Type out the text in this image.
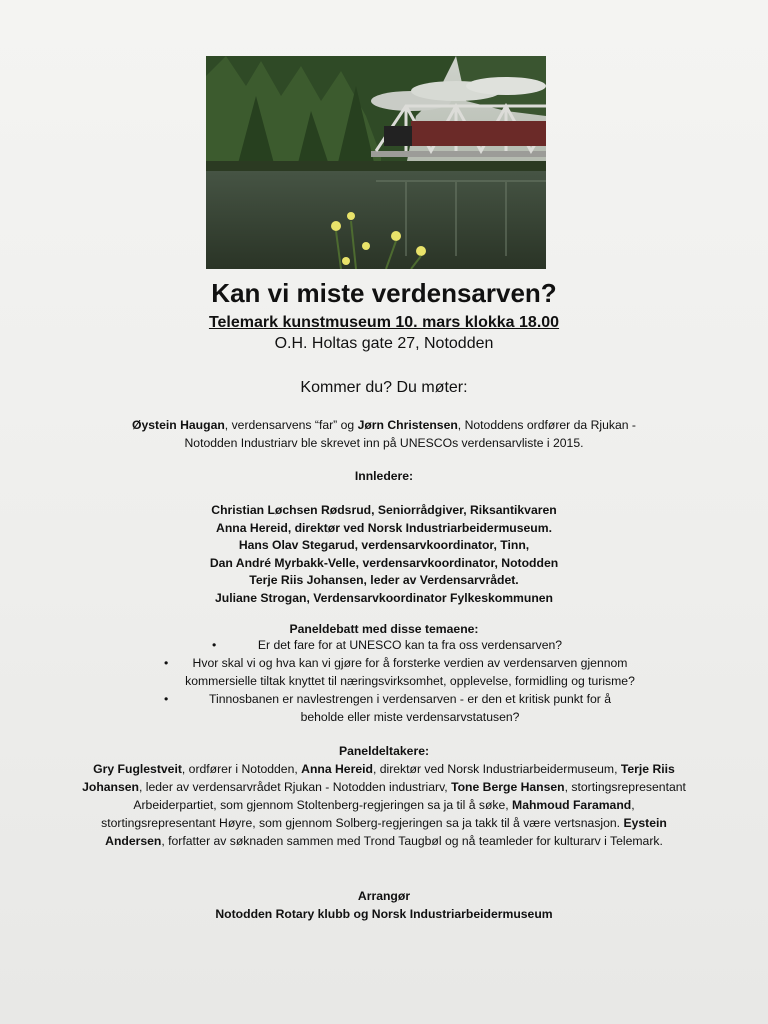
Kan vi miste verdensarven?
Telemark kunstmuseum 10. mars klokka 18.00
O.H. Holtas gate 27, Notodden
Kommer du? Du møter:
Øystein Haugan, verdensarvens “far” og Jørn Christensen, Notoddens ordfører da Rjukan -
Notodden Industriarv ble skrevet inn på UNESCOs verdensarvliste i 2015.
Innledere:
Christian Løchsen Rødsrud, Seniorrådgiver, Riksantikvaren
Anna Hereid, direktør ved Norsk Industriarbeidermuseum.
Hans Olav Stegarud, verdensarvkoordinator, Tinn,
Dan André Myrbakk-Velle, verdensarvkoordinator, Notodden
Terje Riis Johansen, leder av Verdensarvrådet.
Juliane Strogan, Verdensarvkoordinator Fylkeskommunen
Paneldebatt med disse temaene:
•	Er det fare for at UNESCO kan ta fra oss verdensarven?
• Hvor skal vi og hva kan vi gjøre for å forsterke verdien av verdensarven gjennom
kommersielle tiltak knyttet til næringsvirksomhet, opplevelse, formidling og turisme?
•	Tinnosbanen er navlestrengen i verdensarven - er den et kritisk punkt for å
beholde eller miste verdensarvstatusen?
Paneldeltakere:
Gry Fuglestveit, ordfører i Notodden, Anna Hereid, direktør ved Norsk Industriarbeidermuseum, Terje Riis Johansen, leder av verdensarvrådet Rjukan - Notodden industriarv, Tone Berge Hansen, stortingsrepresentant Arbeiderpartiet, som gjennom Stoltenberg-regjeringen sa ja til å søke, Mahmoud Faramand, stortingsrepresentant Høyre, som gjennom Solberg-regjeringen sa ja takk til å være vertsnasjon. Eystein Andersen, forfatter av søknaden sammen med Trond Taugbøl og nå teamleder for kulturarv i Telemark.
Arrangør
Notodden Rotary klubb og Norsk Industriarbeidermuseum
